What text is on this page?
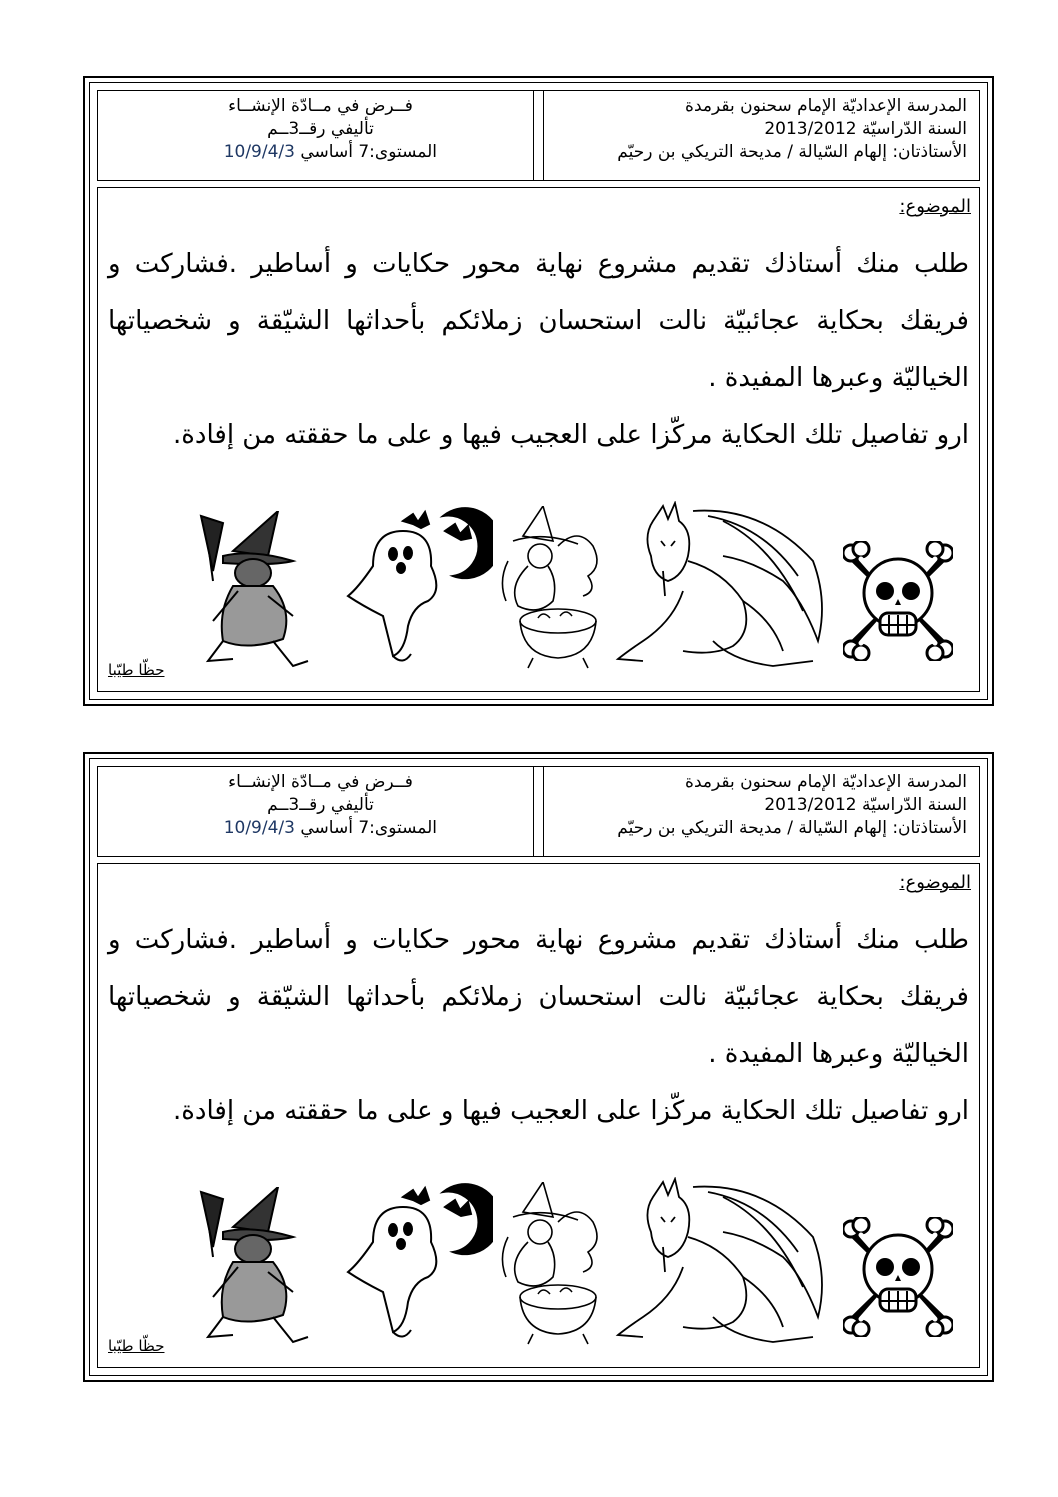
المدرسة الإعداديّة الإمام سحنون بقرمدة
السنة الدّراسيّة 2013/2012
الأستاذتان: إلهام السّيالة / مديحة التريكي بن رحيّم
فــرض في مــادّة الإنشــاء
تأليفي رقــ3ــم
المستوى:7 أساسي 10/9/4/3
الموضوع:
طلب منك أستاذك تقديم مشروع نهاية محور حكايات و أساطير .فشاركت و فريقك بحكاية عجائبيّة نالت استحسان زملائكم بأحداثها الشيّقة و شخصياتها الخياليّة وعبرها المفيدة .
ارو تفاصيل تلك الحكاية مركّزا على العجيب فيها و على ما حققته من إفادة.
حظّا طيّبا
المدرسة الإعداديّة الإمام سحنون بقرمدة
السنة الدّراسيّة 2013/2012
الأستاذتان: إلهام السّيالة / مديحة التريكي بن رحيّم
فــرض في مــادّة الإنشــاء
تأليفي رقــ3ــم
المستوى:7 أساسي 10/9/4/3
الموضوع:
طلب منك أستاذك تقديم مشروع نهاية محور حكايات و أساطير .فشاركت و فريقك بحكاية عجائبيّة نالت استحسان زملائكم بأحداثها الشيّقة و شخصياتها الخياليّة وعبرها المفيدة .
ارو تفاصيل تلك الحكاية مركّزا على العجيب فيها و على ما حققته من إفادة.
حظّا طيّبا
